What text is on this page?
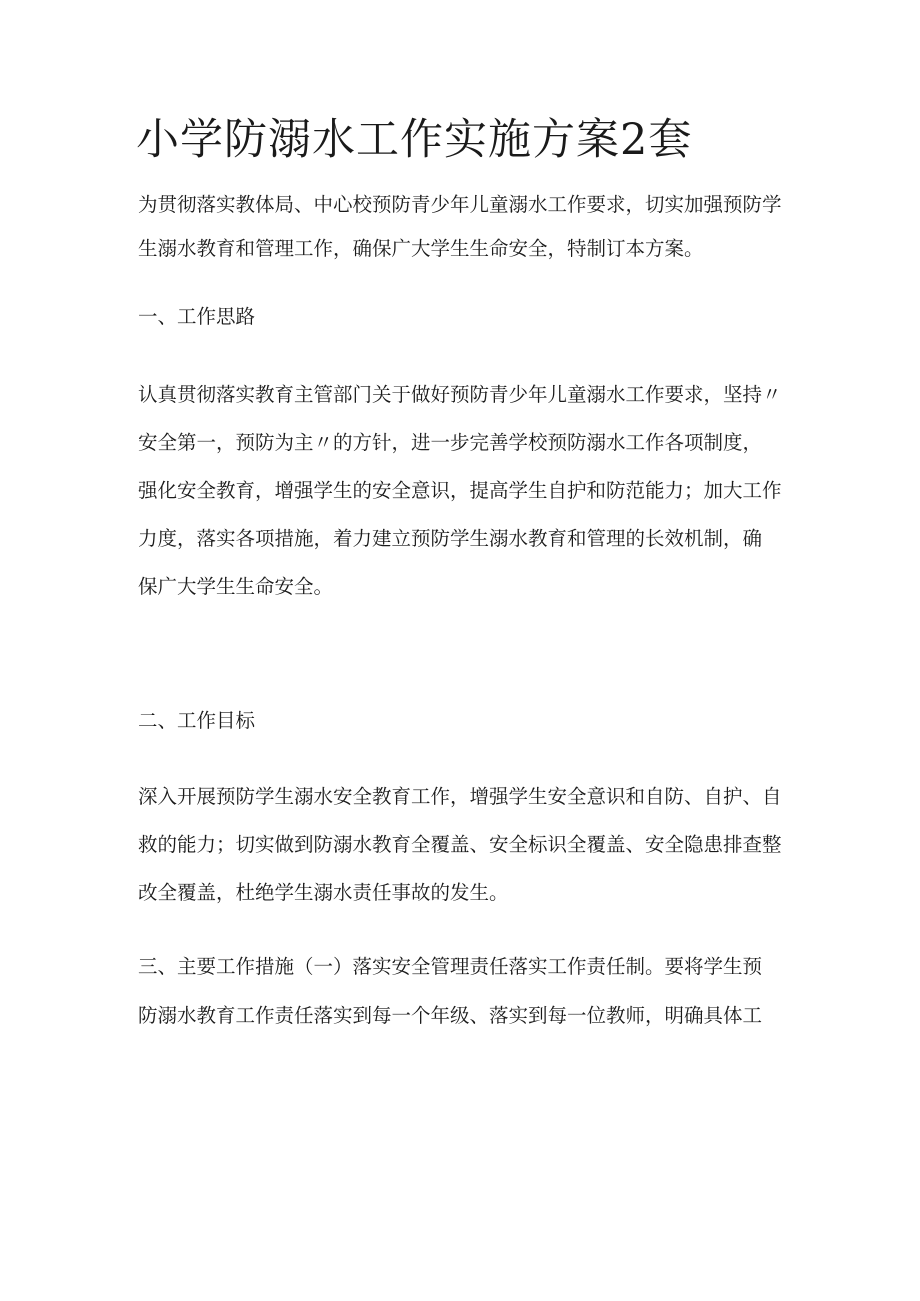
小学防溺水工作实施方案2套

为贯彻落实教体局、中心校预防青少年儿童溺水工作要求，切实加强预防学
生溺水教育和管理工作，确保广大学生生命安全，特制订本方案。

一、工作思路

认真贯彻落实教育主管部门关于做好预防青少年儿童溺水工作要求，坚持〃
安全第一，预防为主〃的方针，进一步完善学校预防溺水工作各项制度，
强化安全教育，增强学生的安全意识，提高学生自护和防范能力；加大工作
力度，落实各项措施，着力建立预防学生溺水教育和管理的长效机制，确
保广大学生生命安全。

二、工作目标

深入开展预防学生溺水安全教育工作，增强学生安全意识和自防、自护、自
救的能力；切实做到防溺水教育全覆盖、安全标识全覆盖、安全隐患排查整
改全覆盖，杜绝学生溺水责任事故的发生。

三、主要工作措施（一）落实安全管理责任落实工作责任制。要将学生预
防溺水教育工作责任落实到每一个年级、落实到每一位教师，明确具体工
